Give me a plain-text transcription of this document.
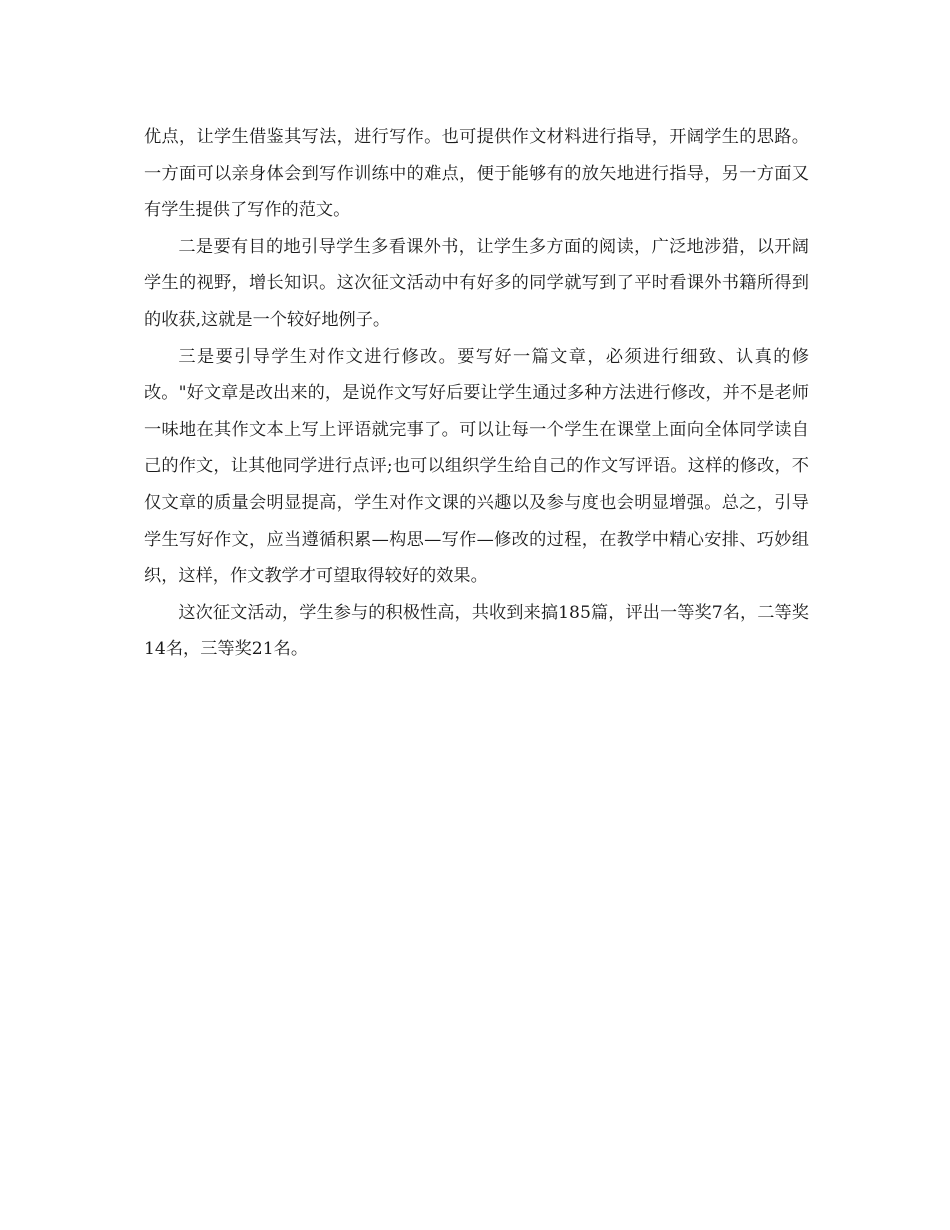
优点，让学生借鉴其写法，进行写作。也可提供作文材料进行指导，开阔学生的思路。一方面可以亲身体会到写作训练中的难点，便于能够有的放矢地进行指导，另一方面又有学生提供了写作的范文。

二是要有目的地引导学生多看课外书，让学生多方面的阅读，广泛地涉猎，以开阔学生的视野，增长知识。这次征文活动中有好多的同学就写到了平时看课外书籍所得到的收获,这就是一个较好地例子。

三是要引导学生对作文进行修改。要写好一篇文章，必须进行细致、认真的修改。"好文章是改出来的，是说作文写好后要让学生通过多种方法进行修改，并不是老师一味地在其作文本上写上评语就完事了。可以让每一个学生在课堂上面向全体同学读自己的作文，让其他同学进行点评;也可以组织学生给自己的作文写评语。这样的修改，不仅文章的质量会明显提高，学生对作文课的兴趣以及参与度也会明显增强。总之，引导学生写好作文，应当遵循积累—构思—写作—修改的过程，在教学中精心安排、巧妙组织，这样，作文教学才可望取得较好的效果。

这次征文活动，学生参与的积极性高，共收到来搞185篇，评出一等奖7名，二等奖14名，三等奖21名。
